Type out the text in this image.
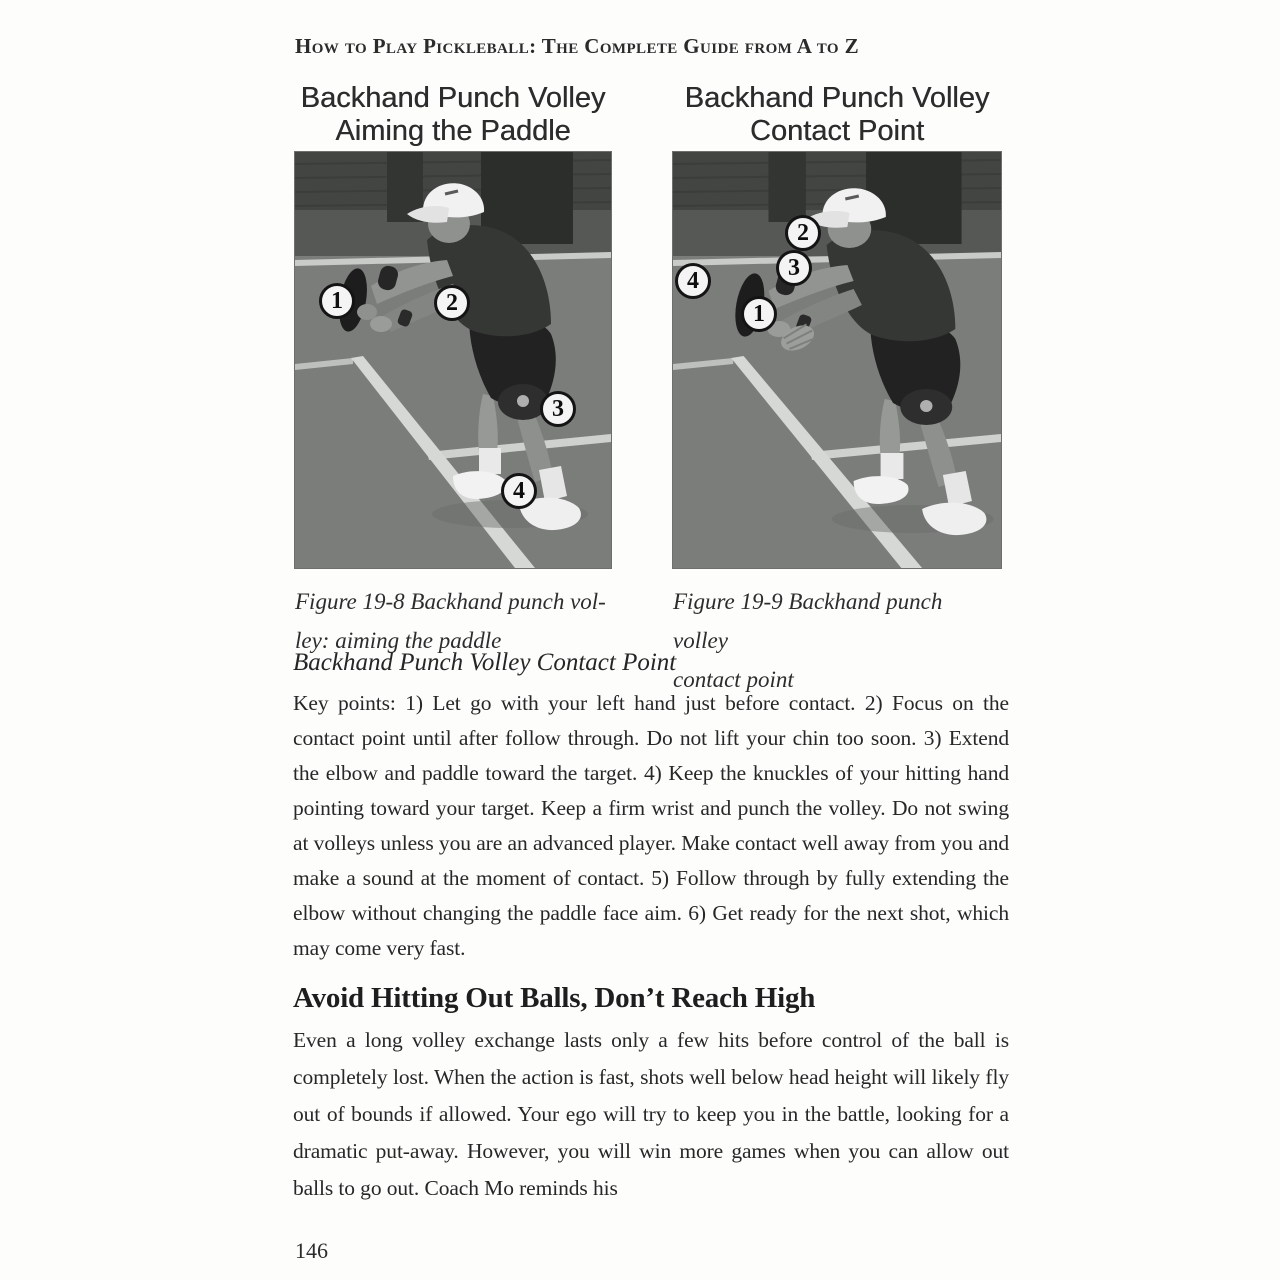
How to Play Pickleball: The Complete Guide from A to Z
Backhand Punch Volley
Aiming the Paddle
1	2
3
4
Figure 19-8 Backhand punch vol-
ley: aiming the paddle
Backhand Punch Volley
Contact Point
2
3
4
1
Figure 19-9 Backhand punch volley
contact point
Backhand Punch Volley Contact Point

Key points: 1) Let go with your left hand just before contact. 2) Focus on the contact point until after follow through. Do not lift your chin too soon. 3) Extend the elbow and paddle toward the target. 4) Keep the knuckles of your hitting hand pointing toward your target. Keep a firm wrist and punch the volley. Do not swing at volleys unless you are an advanced player. Make contact well away from you and make a sound at the moment of contact. 5) Follow through by fully extending the elbow without changing the paddle face aim. 6) Get ready for the next shot, which may come very fast.

Avoid Hitting Out Balls, Don’t Reach High

Even a long volley exchange lasts only a few hits before control of the ball is completely lost. When the action is fast, shots well below head height will likely fly out of bounds if allowed. Your ego will try to keep you in the battle, looking for a dramatic put-away. However, you will win more games when you can allow out balls to go out. Coach Mo reminds his

146
